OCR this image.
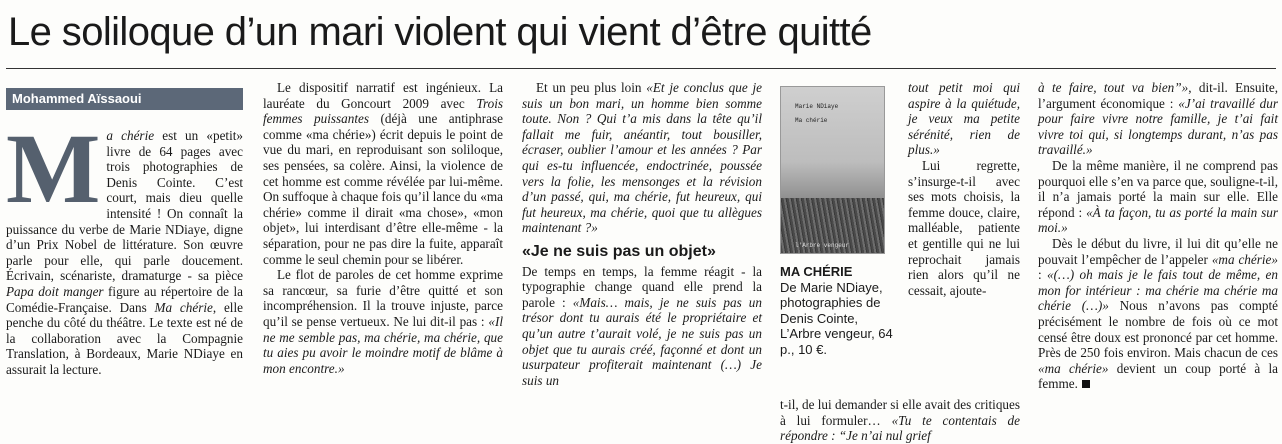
Le soliloque d’un mari violent qui vient d’être quitté
Mohammed Aïssaoui

Ma chérie est un «petit» livre de 64 pages avec trois photographies de Denis Cointe. C’est court, mais dieu quelle intensité ! On connaît la puissance du verbe de Marie NDiaye, digne d’un Prix Nobel de littérature. Son œuvre parle pour elle, qui parle doucement. Écrivain, scénariste, dramaturge - sa pièce Papa doit manger figure au répertoire de la Comédie-Française. Dans Ma chérie, elle penche du côté du théâtre. Le texte est né de la collaboration avec la Compagnie Translation, à Bordeaux, Marie NDiaye en assurait la lecture.

Le dispositif narratif est ingénieux. La lauréate du Goncourt 2009 avec Trois femmes puissantes (déjà une antiphrase comme «ma chérie») écrit depuis le point de vue du mari, en reproduisant son soliloque, ses pensées, sa colère. Ainsi, la violence de cet homme est comme révélée par lui-même. On suffoque à chaque fois qu’il lance du «ma chérie» comme il dirait «ma chose», «mon objet», lui interdisant d’être elle-même - la séparation, pour ne pas dire la fuite, apparaît comme le seul chemin pour se libérer.

Le flot de paroles de cet homme exprime sa rancœur, sa furie d’être quitté et son incompréhension. Il la trouve injuste, parce qu’il se pense vertueux. Ne lui dit-il pas : «Il ne me semble pas, ma chérie, ma chérie, que tu aies pu avoir le moindre motif de blâme à mon encontre.»

Et un peu plus loin «Et je conclus que je suis un bon mari, un homme bien somme toute. Non ? Qui t’a mis dans la tête qu’il fallait me fuir, anéantir, tout bousiller, écraser, oublier l’amour et les années ? Par qui es-tu influencée, endoctrinée, poussée vers la folie, les mensonges et la révision d’un passé, qui, ma chérie, fut heureux, qui fut heureux, ma chérie, quoi que tu allègues maintenant ?»

«Je ne suis pas un objet»

De temps en temps, la femme réagit - la typographie change quand elle prend la parole : «Mais… mais, je ne suis pas un trésor dont tu aurais été le propriétaire et qu’un autre t’aurait volé, je ne suis pas un objet que tu aurais créé, façonné et dont un usurpateur profiterait maintenant (…) Je suis un

Marie NDiaye
Ma chérie
l'Arbre vengeur
MA CHÉRIE
De Marie NDiaye, photographies de Denis Cointe, L’Arbre vengeur, 64 p., 10 €.

tout petit moi qui aspire à la quiétude, je veux ma petite sérénité, rien de plus.»

Lui regrette, s’insurge-t-il avec ses mots choisis, la femme douce, claire, malléable, patiente et gentille qui ne lui reprochait jamais rien alors qu’il ne cessait, ajoute-

t-il, de lui demander si elle avait des critiques à lui formuler… «Tu te contentais de répondre : “Je n’ai nul grief

à te faire, tout va bien”», dit-il. Ensuite, l’argument économique : «J’ai travaillé dur pour faire vivre notre famille, je t’ai fait vivre toi qui, si longtemps durant, n’as pas travaillé.»

De la même manière, il ne comprend pas pourquoi elle s’en va parce que, souligne-t-il, il n’a jamais porté la main sur elle. Elle répond : «À ta façon, tu as porté la main sur moi.»

Dès le début du livre, il lui dit qu’elle ne pouvait l’empêcher de l’appeler «ma chérie» : «(…) oh mais je le fais tout de même, en mon for intérieur : ma chérie ma chérie ma chérie (…)» Nous n’avons pas compté précisément le nombre de fois où ce mot censé être doux est prononcé par cet homme. Près de 250 fois environ. Mais chacun de ces «ma chérie» devient un coup porté à la femme.
